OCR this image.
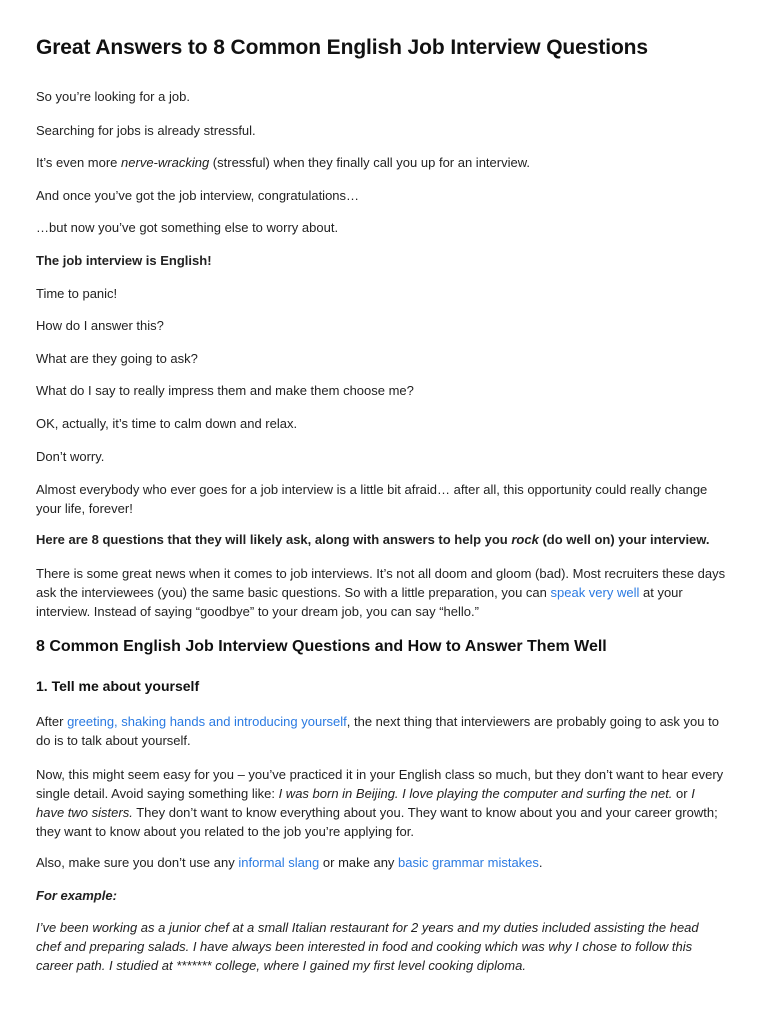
Great Answers to 8 Common English Job Interview Questions

So you’re looking for a job.

Searching for jobs is already stressful.

It’s even more nerve-wracking (stressful) when they finally call you up for an interview.

And once you’ve got the job interview, congratulations…

…but now you’ve got something else to worry about.

The job interview is English!

Time to panic!

How do I answer this?

What are they going to ask?

What do I say to really impress them and make them choose me?

OK, actually, it’s time to calm down and relax.

Don’t worry.

Almost everybody who ever goes for a job interview is a little bit afraid… after all, this opportunity could really change your life, forever!

Here are 8 questions that they will likely ask, along with answers to help you rock (do well on) your interview.

There is some great news when it comes to job interviews. It’s not all doom and gloom (bad). Most recruiters these days ask the interviewees (you) the same basic questions. So with a little preparation, you can speak very well at your interview. Instead of saying “goodbye” to your dream job, you can say “hello.”

8 Common English Job Interview Questions and How to Answer Them Well
1. Tell me about yourself

After greeting, shaking hands and introducing yourself, the next thing that interviewers are probably going to ask you to do is to talk about yourself.

Now, this might seem easy for you – you’ve practiced it in your English class so much, but they don’t want to hear every single detail. Avoid saying something like: I was born in Beijing. I love playing the computer and surfing the net. or I have two sisters. They don’t want to know everything about you. They want to know about you and your career growth; they want to know about you related to the job you’re applying for.

Also, make sure you don’t use any informal slang or make any basic grammar mistakes.

For example:

I’ve been working as a junior chef at a small Italian restaurant for 2 years and my duties included assisting the head chef and preparing salads. I have always been interested in food and cooking which was why I chose to follow this career path. I studied at ******* college, where I gained my first level cooking diploma.
